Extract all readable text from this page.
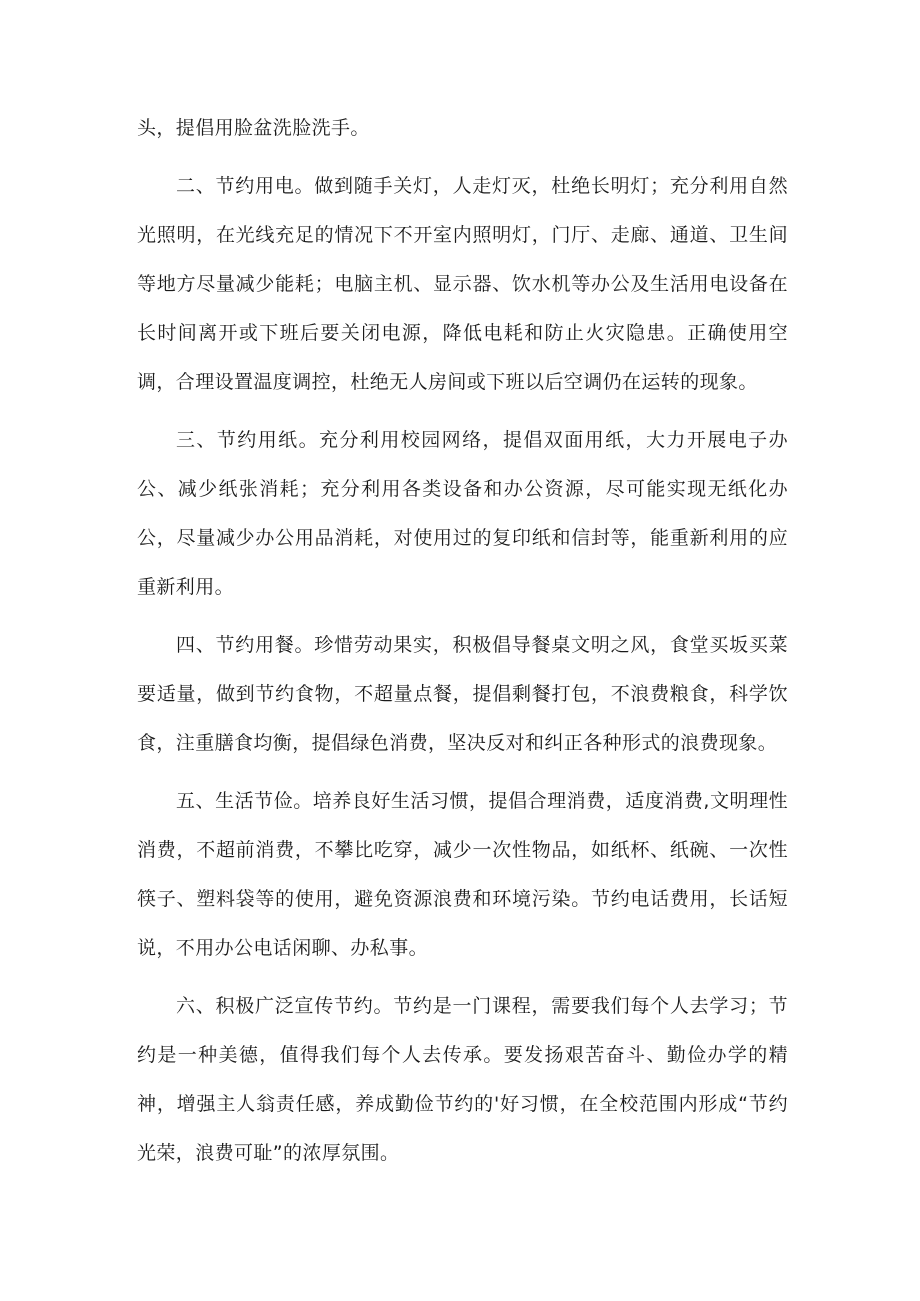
头，提倡用脸盆洗脸洗手。

二、节约用电。做到随手关灯，人走灯灭，杜绝长明灯；充分利用自然光照明，在光线充足的情况下不开室内照明灯，门厅、走廊、通道、卫生间等地方尽量减少能耗；电脑主机、显示器、饮水机等办公及生活用电设备在长时间离开或下班后要关闭电源，降低电耗和防止火灾隐患。正确使用空调，合理设置温度调控，杜绝无人房间或下班以后空调仍在运转的现象。

三、节约用纸。充分利用校园网络，提倡双面用纸，大力开展电子办公、减少纸张消耗；充分利用各类设备和办公资源，尽可能实现无纸化办公，尽量减少办公用品消耗，对使用过的复印纸和信封等，能重新利用的应重新利用。

四、节约用餐。珍惜劳动果实，积极倡导餐桌文明之风，食堂买坂买菜要适量，做到节约食物，不超量点餐，提倡剩餐打包，不浪费粮食，科学饮食，注重膳食均衡，提倡绿色消费，坚决反对和纠正各种形式的浪费现象。

五、生活节俭。培养良好生活习惯，提倡合理消费，适度消费,文明理性消费，不超前消费，不攀比吃穿，减少一次性物品，如纸杯、纸碗、一次性筷子、塑料袋等的使用，避免资源浪费和环境污染。节约电话费用，长话短说，不用办公电话闲聊、办私事。

六、积极广泛宣传节约。节约是一门课程，需要我们每个人去学习；节约是一种美德，值得我们每个人去传承。要发扬艰苦奋斗、勤俭办学的精神，增强主人翁责任感，养成勤俭节约的'好习惯，在全校范围内形成“节约光荣，浪费可耻”的浓厚氛围。
